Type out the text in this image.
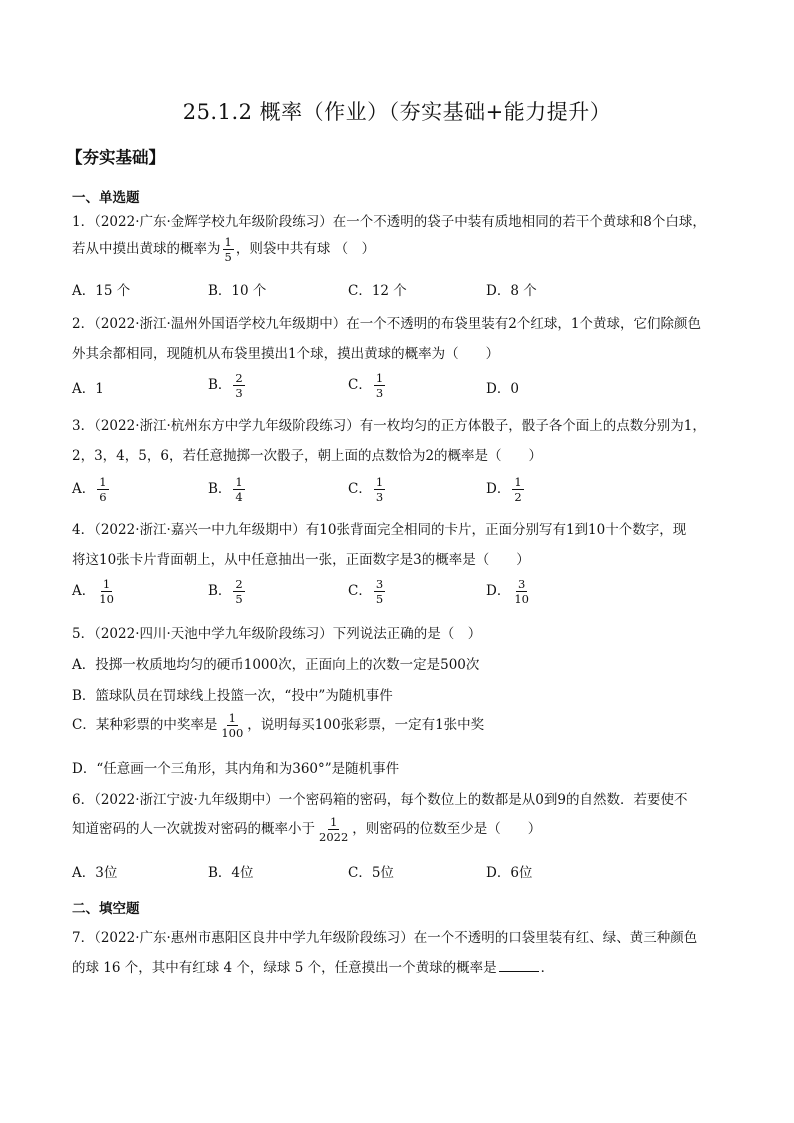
25.1.2 概率（作业）（夯实基础+能力提升）
【夯实基础】
一、单选题
1．（2022·广东·金辉学校九年级阶段练习）在一个不透明的袋子中装有质地相同的若干个黄球和8个白球，
若从中摸出黄球的概率为 $\frac{1}{5}$ ，则袋中共有球 （　）
A．15 个	B．10 个	C．12 个	D．8 个
2．（2022·浙江·温州外国语学校九年级期中）在一个不透明的布袋里装有2个红球，1个黄球，它们除颜色
外其余都相同，现随机从布袋里摸出1个球，摸出黄球的概率为（　　）
A．1	B． $\frac{2}{3}$	C． $\frac{1}{3}$	D．0
3．（2022·浙江·杭州东方中学九年级阶段练习）有一枚均匀的正方体骰子，骰子各个面上的点数分别为1，
2，3，4，5，6，若任意抛掷一次骰子，朝上面的点数恰为2的概率是（　　）
A． $\frac{1}{6}$	B． $\frac{1}{4}$	C． $\frac{1}{3}$	D． $\frac{1}{2}$
4．（2022·浙江·嘉兴一中九年级期中）有10张背面完全相同的卡片，正面分别写有1到10十个数字，现
将这10张卡片背面朝上，从中任意抽出一张，正面数字是3的概率是（　　）
A． $\frac{1}{10}$	B． $\frac{2}{5}$	C． $\frac{3}{5}$	D． $\frac{3}{10}$
5．（2022·四川·天池中学九年级阶段练习）下列说法正确的是（　）
A．投掷一枚质地均匀的硬币1000次，正面向上的次数一定是500次
B．篮球队员在罚球线上投篮一次，“投中”为随机事件
C．某种彩票的中奖率是 $\frac{1}{100}$ ，说明每买100张彩票，一定有1张中奖
D．“任意画一个三角形，其内角和为360°”是随机事件
6．（2022·浙江宁波·九年级期中）一个密码箱的密码，每个数位上的数都是从0到9的自然数．若要使不
知道密码的人一次就拨对密码的概率小于 $\frac{1}{2022}$ ，则密码的位数至少是（　　）
A．3位	B．4位	C．5位	D．6位
二、填空题
7．（2022·广东·惠州市惠阳区良井中学九年级阶段练习）在一个不透明的口袋里装有红、绿、黄三种颜色
的球 16 个，其中有红球 4 个，绿球 5 个，任意摸出一个黄球的概率是	．
